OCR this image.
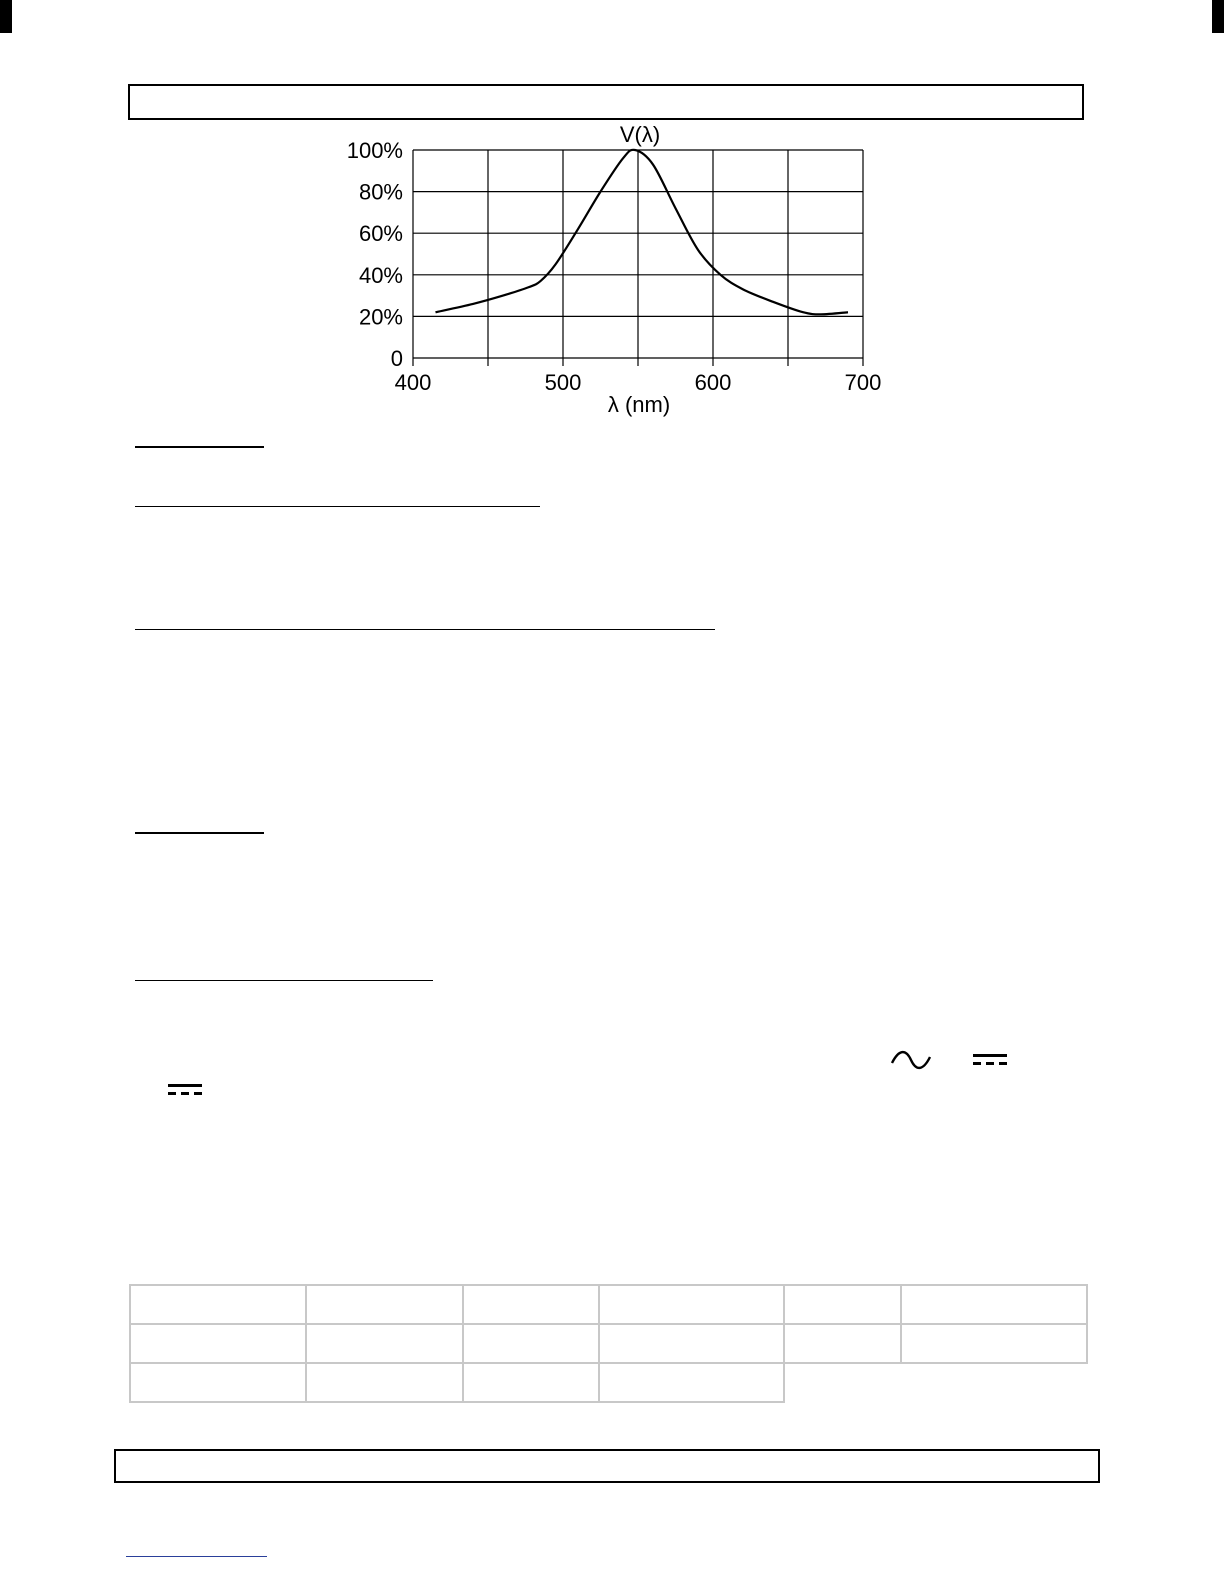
0
20%
40%
60%
80%
100%
400	500	600	700
V(λ)
λ (nm)
